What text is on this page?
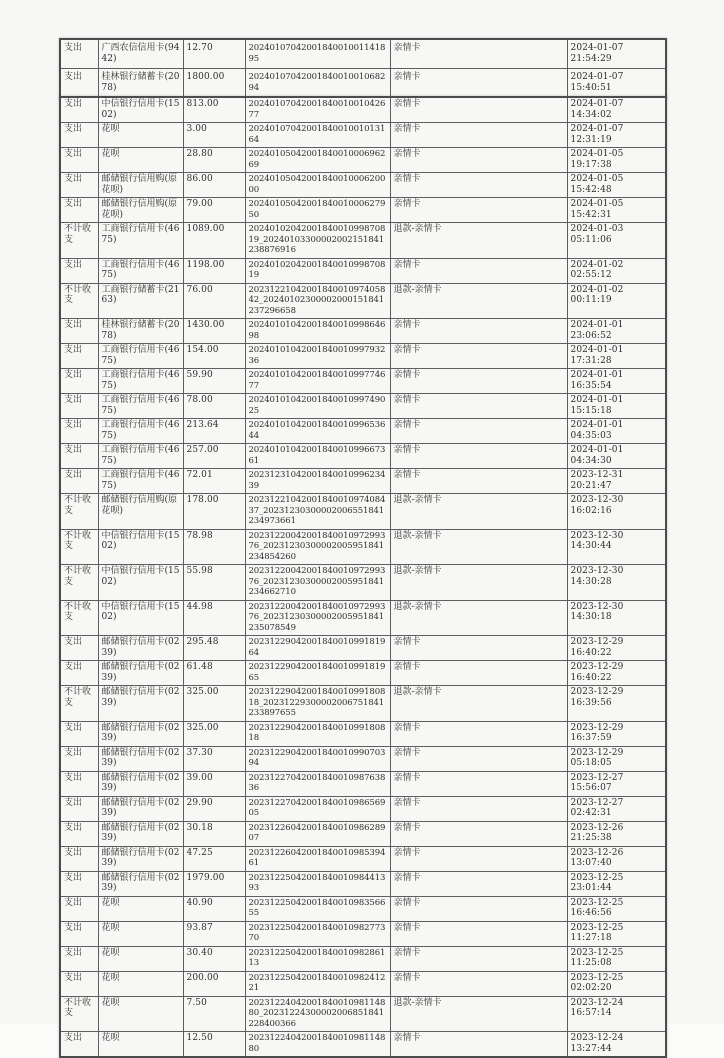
支出	广西农信信用卡(9442)	12.70	2024010704200184001001141895	亲情卡	2024-01-07
21:54:29

支出	桂林银行储蓄卡(2078)	1800.00	2024010704200184001001068294	亲情卡	2024-01-07
15:40:51
支出	中信银行信用卡(1502)	813.00	2024010704200184001001042677	亲情卡	2024-01-07
14:34:02

支出	花呗	3.00	2024010704200184001001013164	亲情卡	2024-01-07
12:31:19

支出	花呗	28.80	2024010504200184001000696269	亲情卡	2024-01-05
19:17:38

支出	邮储银行信用购(原花呗)	86.00	2024010504200184001000620000	亲情卡	2024-01-05
15:42:48

支出	邮储银行信用购(原花呗)	79.00	2024010504200184001000627950	亲情卡	2024-01-05
15:42:31

不计收支	工商银行信用卡(4675)	1089.00	2024010204200184001099870819_20240103300002002151841238876916	退款-亲情卡	2024-01-03
05:11:06

支出	工商银行信用卡(4675)	1198.00	2024010204200184001099870819	亲情卡	2024-01-02
02:55:12

不计收支	工商银行储蓄卡(2163)	76.00	2023122104200184001097405842_20240102300002000151841237296658	退款-亲情卡	2024-01-02
00:11:19

支出	桂林银行储蓄卡(2078)	1430.00	2024010104200184001099864698	亲情卡	2024-01-01
23:06:52

支出	工商银行信用卡(4675)	154.00	2024010104200184001099793236	亲情卡	2024-01-01
17:31:28

支出	工商银行信用卡(4675)	59.90	2024010104200184001099774677	亲情卡	2024-01-01
16:35:54

支出	工商银行信用卡(4675)	78.00	2024010104200184001099749025	亲情卡	2024-01-01
15:15:18

支出	工商银行信用卡(4675)	213.64	2024010104200184001099653644	亲情卡	2024-01-01
04:35:03

支出	工商银行信用卡(4675)	257.00	2024010104200184001099667361	亲情卡	2024-01-01
04:34:30

支出	工商银行信用卡(4675)	72.01	2023123104200184001099623439	亲情卡	2023-12-31
20:21:47

不计收支	邮储银行信用购(原花呗)	178.00	2023122104200184001097408437_20231230300002006551841234973661	退款-亲情卡	2023-12-30
16:02:16

不计收支	中信银行信用卡(1502)	78.98	2023122004200184001097299376_20231230300002005951841234854260	退款-亲情卡	2023-12-30
14:30:44

不计收支	中信银行信用卡(1502)	55.98	2023122004200184001097299376_20231230300002005951841234662710	退款-亲情卡	2023-12-30
14:30:28

不计收支	中信银行信用卡(1502)	44.98	2023122004200184001097299376_20231230300002005951841235078549	退款-亲情卡	2023-12-30
14:30:18

支出	邮储银行信用卡(0239)	295.48	2023122904200184001099181964	亲情卡	2023-12-29
16:40:22

支出	邮储银行信用卡(0239)	61.48	2023122904200184001099181965	亲情卡	2023-12-29
16:40:22

不计收支	邮储银行信用卡(0239)	325.00	2023122904200184001099180818_20231229300002006751841233897655	退款-亲情卡	2023-12-29
16:39:56

支出	邮储银行信用卡(0239)	325.00	2023122904200184001099180818	亲情卡	2023-12-29
16:37:59

支出	邮储银行信用卡(0239)	37.30	2023122904200184001099070394	亲情卡	2023-12-29
05:18:05

支出	邮储银行信用卡(0239)	39.00	2023122704200184001098763836	亲情卡	2023-12-27
15:56:07

支出	邮储银行信用卡(0239)	29.90	2023122704200184001098656905	亲情卡	2023-12-27
02:42:31

支出	邮储银行信用卡(0239)	30.18	2023122604200184001098628907	亲情卡	2023-12-26
21:25:38

支出	邮储银行信用卡(0239)	47.25	2023122604200184001098539461	亲情卡	2023-12-26
13:07:40

支出	邮储银行信用卡(0239)	1979.00	2023122504200184001098441393	亲情卡	2023-12-25
23:01:44

支出	花呗	40.90	2023122504200184001098356655	亲情卡	2023-12-25
16:46:56

支出	花呗	93.87	2023122504200184001098277370	亲情卡	2023-12-25
11:27:18

支出	花呗	30.40	2023122504200184001098286113	亲情卡	2023-12-25
11:25:08

支出	花呗	200.00	2023122504200184001098241221	亲情卡	2023-12-25
02:02:20

不计收支	花呗	7.50	2023122404200184001098114880_20231224300002006851841228400366	退款-亲情卡	2023-12-24
16:57:14

支出	花呗	12.50	2023122404200184001098114880	亲情卡	2023-12-24
13:27:44
